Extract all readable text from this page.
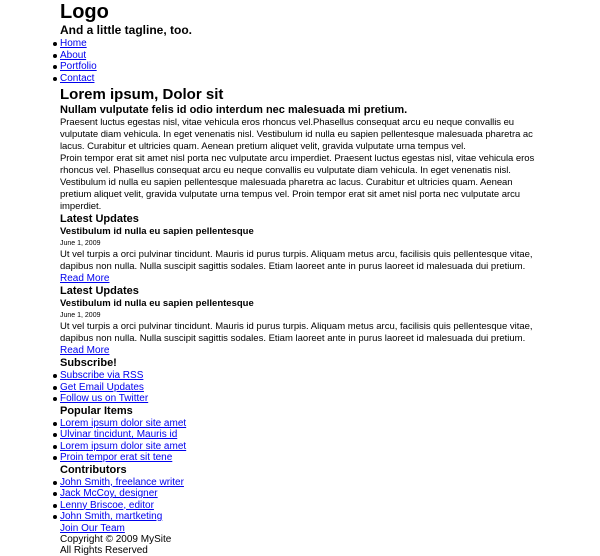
Logo
And a little tagline, too.
Home
About
Portfolio
Contact
Lorem ipsum, Dolor sit
Nullam vulputate felis id odio interdum nec malesuada mi pretium.

Praesent luctus egestas nisl, vitae vehicula eros rhoncus vel.Phasellus consequat arcu eu neque convallis eu vulputate diam vehicula. In eget venenatis nisl. Vestibulum id nulla eu sapien pellentesque malesuada pharetra ac lacus. Curabitur et ultricies quam. Aenean pretium aliquet velit, gravida vulputate urna tempus vel.

Proin tempor erat sit amet nisl porta nec vulputate arcu imperdiet. Praesent luctus egestas nisl, vitae vehicula eros rhoncus vel. Phasellus consequat arcu eu neque convallis eu vulputate diam vehicula. In eget venenatis nisl. Vestibulum id nulla eu sapien pellentesque malesuada pharetra ac lacus. Curabitur et ultricies quam. Aenean pretium aliquet velit, gravida vulputate urna tempus vel. Proin tempor erat sit amet nisl porta nec vulputate arcu imperdiet.

Latest Updates
Vestibulum id nulla eu sapien pellentesque
June 1, 2009
Ut vel turpis a orci pulvinar tincidunt. Mauris id purus turpis. Aliquam metus arcu, facilisis quis pellentesque vitae, dapibus non nulla. Nulla suscipit sagittis sodales. Etiam laoreet ante in purus laoreet id malesuada dui pretium.
Read More
Latest Updates
Vestibulum id nulla eu sapien pellentesque
June 1, 2009
Ut vel turpis a orci pulvinar tincidunt. Mauris id purus turpis. Aliquam metus arcu, facilisis quis pellentesque vitae, dapibus non nulla. Nulla suscipit sagittis sodales. Etiam laoreet ante in purus laoreet id malesuada dui pretium.
Read More
Subscribe!
Subscribe via RSS
Get Email Updates
Follow us on Twitter
Popular Items
Lorem ipsum dolor site amet
Ulvinar tincidunt, Mauris id
Lorem ipsum dolor site amet
Proin tempor erat sit tene
Contributors
John Smith, freelance writer
Jack McCoy, designer
Lenny Briscoe, editor
John Smith, martketing
Join Our Team
Copyright © 2009 MySite
All Rights Reserved
